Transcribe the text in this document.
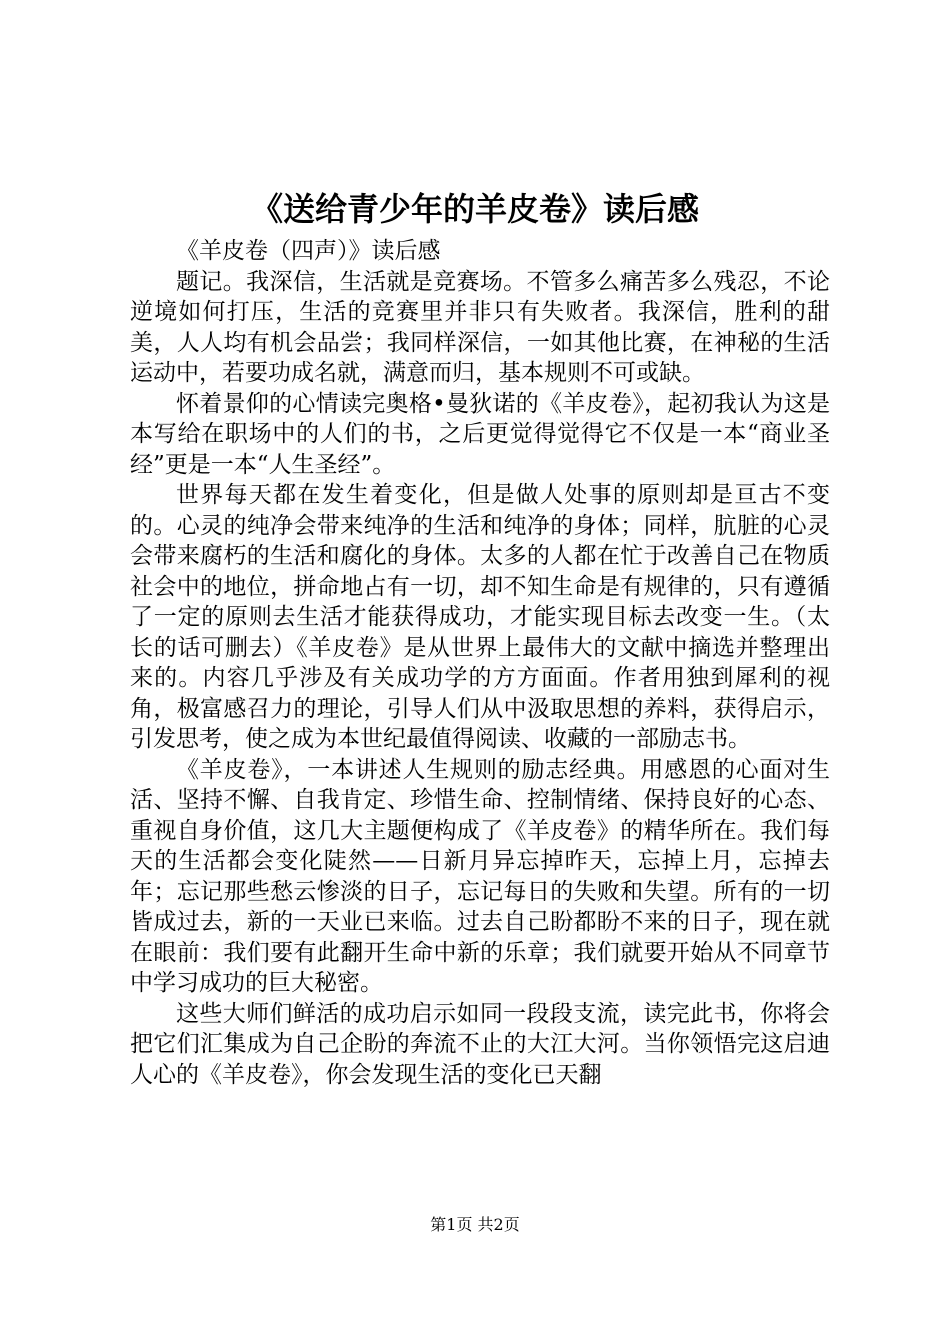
《送给青少年的羊皮卷》读后感

《羊皮卷（四声）》读后感

题记。我深信，生活就是竞赛场。不管多么痛苦多么残忍，不论逆境如何打压，生活的竞赛里并非只有失败者。我深信，胜利的甜美，人人均有机会品尝；我同样深信，一如其他比赛，在神秘的生活运动中，若要功成名就，满意而归，基本规则不可或缺。

怀着景仰的心情读完奥格•曼狄诺的《羊皮卷》，起初我认为这是本写给在职场中的人们的书，之后更觉得觉得它不仅是一本“商业圣经”更是一本“人生圣经”。

世界每天都在发生着变化，但是做人处事的原则却是亘古不变的。心灵的纯净会带来纯净的生活和纯净的身体；同样，肮脏的心灵会带来腐朽的生活和腐化的身体。太多的人都在忙于改善自己在物质社会中的地位，拼命地占有一切，却不知生命是有规律的，只有遵循了一定的原则去生活才能获得成功，才能实现目标去改变一生。（太长的话可删去）《羊皮卷》是从世界上最伟大的文献中摘选并整理出来的。内容几乎涉及有关成功学的方方面面。作者用独到犀利的视角，极富感召力的理论，引导人们从中汲取思想的养料，获得启示，引发思考，使之成为本世纪最值得阅读、收藏的一部励志书。

《羊皮卷》，一本讲述人生规则的励志经典。用感恩的心面对生活、坚持不懈、自我肯定、珍惜生命、控制情绪、保持良好的心态、重视自身价值，这几大主题便构成了《羊皮卷》的精华所在。我们每天的生活都会变化陡然——日新月异忘掉昨天，忘掉上月，忘掉去年；忘记那些愁云惨淡的日子，忘记每日的失败和失望。所有的一切皆成过去，新的一天业已来临。过去自己盼都盼不来的日子，现在就在眼前：我们要有此翻开生命中新的乐章；我们就要开始从不同章节中学习成功的巨大秘密。

这些大师们鲜活的成功启示如同一段段支流，读完此书，你将会把它们汇集成为自己企盼的奔流不止的大江大河。当你领悟完这启迪人心的《羊皮卷》，你会发现生活的变化已天翻

第1页 共2页
